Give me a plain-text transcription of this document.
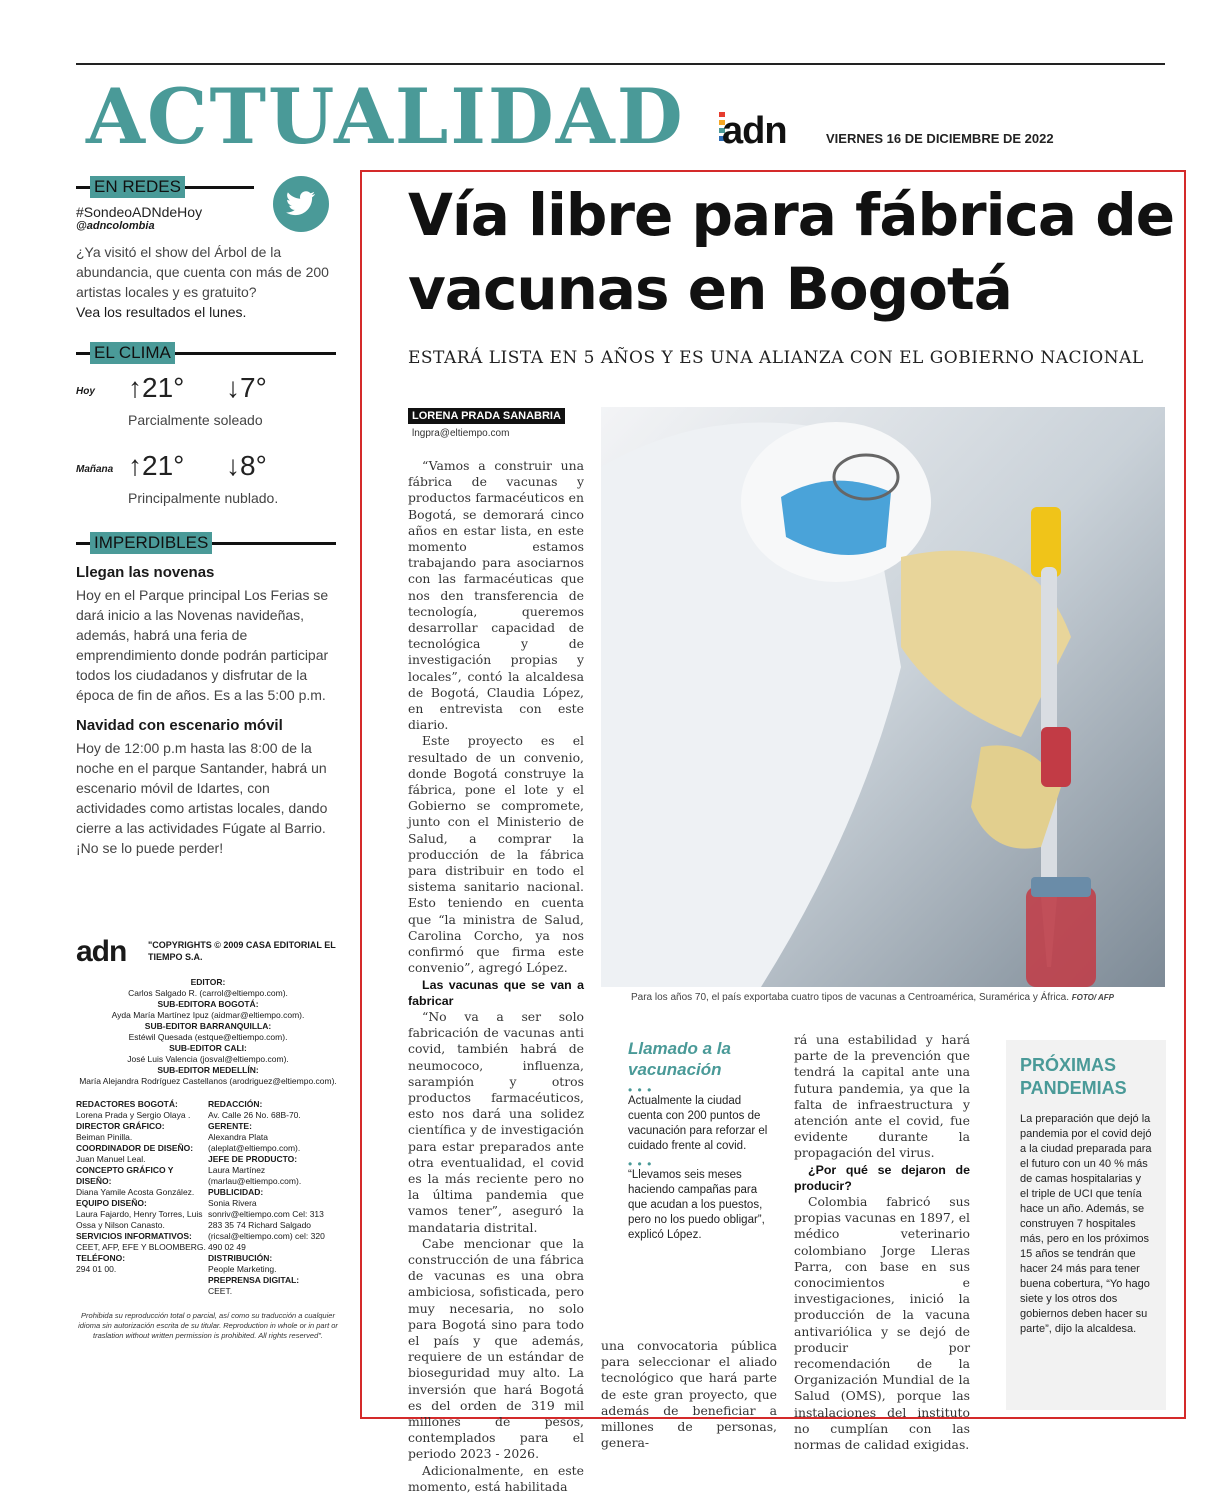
ACTUALIDAD adn	VIERNES 16 DE DICIEMBRE DE 2022
EN REDES
#SondeoADNdeHoy
@adncolombia
¿Ya visitó el show del Árbol de la abundancia, que cuenta con más de 200 artistas locales y es gratuito?
Vea los resultados el lunes.
EL CLIMA
Hoy ↑21° ↓7°
Parcialmente soleado
Mañana ↑21° ↓8°
Principalmente nublado.
IMPERDIBLES
Llegan las novenas
Hoy en el Parque principal Los Ferias se dará inicio a las Novenas navideñas, además, habrá una feria de emprendimiento donde podrán participar todos los ciudadanos y disfrutar de la época de fin de años. Es a las 5:00 p.m.
Navidad con escenario móvil
Hoy de 12:00 p.m hasta las 8:00 de la noche en el parque Santander, habrá un escenario móvil de Idartes, con actividades como artistas locales, dando cierre a las actividades Fúgate al Barrio. ¡No se lo puede perder!
adn	"COPYRIGHTS © 2009 CASA EDITORIAL EL TIEMPO S.A.
EDITOR:
Carlos Salgado R. (carrol@eltiempo.com).
SUB-EDITORA BOGOTÁ:
Ayda María Martínez Ipuz (aidmar@eltiempo.com).
SUB-EDITOR BARRANQUILLA:
Estéwil Quesada (estque@eltiempo.com).
SUB-EDITOR CALI:
José Luis Valencia (josval@eltiempo.com).
SUB-EDITOR MEDELLÍN:
María Alejandra Rodríguez Castellanos (arodriguez@eltiempo.com).
REDACTORES BOGOTÁ:
Lorena Prada y Sergio Olaya .
DIRECTOR GRÁFICO:
Beiman Pinilla.
COORDINADOR DE DISEÑO:
Juan Manuel Leal.
CONCEPTO GRÁFICO Y DISEÑO:
Diana Yamile Acosta González.
EQUIPO DISEÑO:
Laura Fajardo, Henry Torres, Luis Ossa y Nilson Canasto.
SERVICIOS INFORMATIVOS:
CEET, AFP, EFE Y BLOOMBERG.
TELÉFONO:
294 01 00.
REDACCIÓN:
Av. Calle 26 No. 68B-70.
GERENTE:
Alexandra Plata (aleplat@eltiempo.com).
JEFE DE PRODUCTO:
Laura Martínez (marlau@eltiempo.com).
PUBLICIDAD:
Sonia Rivera sonriv@eltiempo.com Cel: 313 283 35 74 Richard Salgado (ricsal@eltiempo.com) cel: 320 490 02 49
DISTRIBUCIÓN:
People Marketing.
PREPRENSA DIGITAL:
CEET.
Prohibida su reproducción total o parcial, así como su traducción a cualquier idioma sin autorización escrita de su titular. Reproduction in whole or in part or traslation without written permission is prohibited. All rights reserved".
Vía libre para fábrica de vacunas en Bogotá
ESTARÁ LISTA EN 5 AÑOS Y ES UNA ALIANZA CON EL GOBIERNO NACIONAL
LORENA PRADA SANABRIA
lngpra@eltiempo.com

“Vamos a construir una fábrica de vacunas y productos farmacéuticos en Bogotá, se demorará cinco años en estar lista, en este momento estamos trabajando para asociarnos con las farmacéuticas que nos den transferencia de tecnología, queremos desarrollar capacidad de tecnológica y de investigación propias y locales”, contó la alcaldesa de Bogotá, Claudia López, en entrevista con este diario.

Este proyecto es el resultado de un convenio, donde Bogotá construye la fábrica, pone el lote y el Gobierno se compromete, junto con el Ministerio de Salud, a comprar la producción de la fábrica para distribuir en todo el sistema sanitario nacional. Esto teniendo en cuenta que “la ministra de Salud, Carolina Corcho, ya nos confirmó que firma este convenio”, agregó López.

Las vacunas que se van a fabricar

“No va a ser solo fabricación de vacunas anti covid, también habrá de neumococo, influenza, sarampión y otros productos farmacéuticos, esto nos dará una solidez científica y de investigación para estar preparados ante otra eventualidad, el covid es la más reciente pero no la última pandemia que vamos tener”, aseguró la mandataria distrital.

Cabe mencionar que la construcción de una fábrica de vacunas es una obra ambiciosa, sofisticada, pero muy necesaria, no solo para Bogotá sino para todo el país y que además, requiere de un estándar de bioseguridad muy alto. La inversión que hará Bogotá es del orden de 319 mil millones de pesos, contemplados para el periodo 2023 - 2026.

Adicionalmente, en este momento, está habilitada

Para los años 70, el país exportaba cuatro tipos de vacunas a Centroamérica, Suramérica y África. FOTO/ AFP
Llamado a la vacunación
• • •
Actualmente la ciudad cuenta con 200 puntos de vacunación para reforzar el cuidado frente al covid.
• • •
“Llevamos seis meses haciendo campañas para que acudan a los puestos, pero no los puedo obligar”, explicó López.

una convocatoria pública para seleccionar el aliado tecnológico que hará parte de este gran proyecto, que además de beneficiar a millones de personas, genera-

rá una estabilidad y hará parte de la prevención que tendrá la capital ante una futura pandemia, ya que la falta de infraestructura y atención ante el covid, fue evidente durante la propagación del virus.

¿Por qué se dejaron de producir?

Colombia fabricó sus propias vacunas en 1897, el médico veterinario colombiano Jorge Lleras Parra, con base en sus conocimientos e investigaciones, inició la producción de la vacuna antivariólica y se dejó de producir por recomendación de la Organización Mundial de la Salud (OMS), porque las instalaciones del instituto no cumplían con las normas de calidad exigidas.

PRÓXIMAS PANDEMIAS
La preparación que dejó la pandemia por el covid dejó a la ciudad preparada para el futuro con un 40 % más de camas hospitalarias y el triple de UCI que tenía hace un año. Además, se construyen 7 hospitales más, pero en los próximos 15 años se tendrán que hacer 24 más para tener buena cobertura, “Yo hago siete y los otros dos gobiernos deben hacer su parte”, dijo la alcaldesa.
